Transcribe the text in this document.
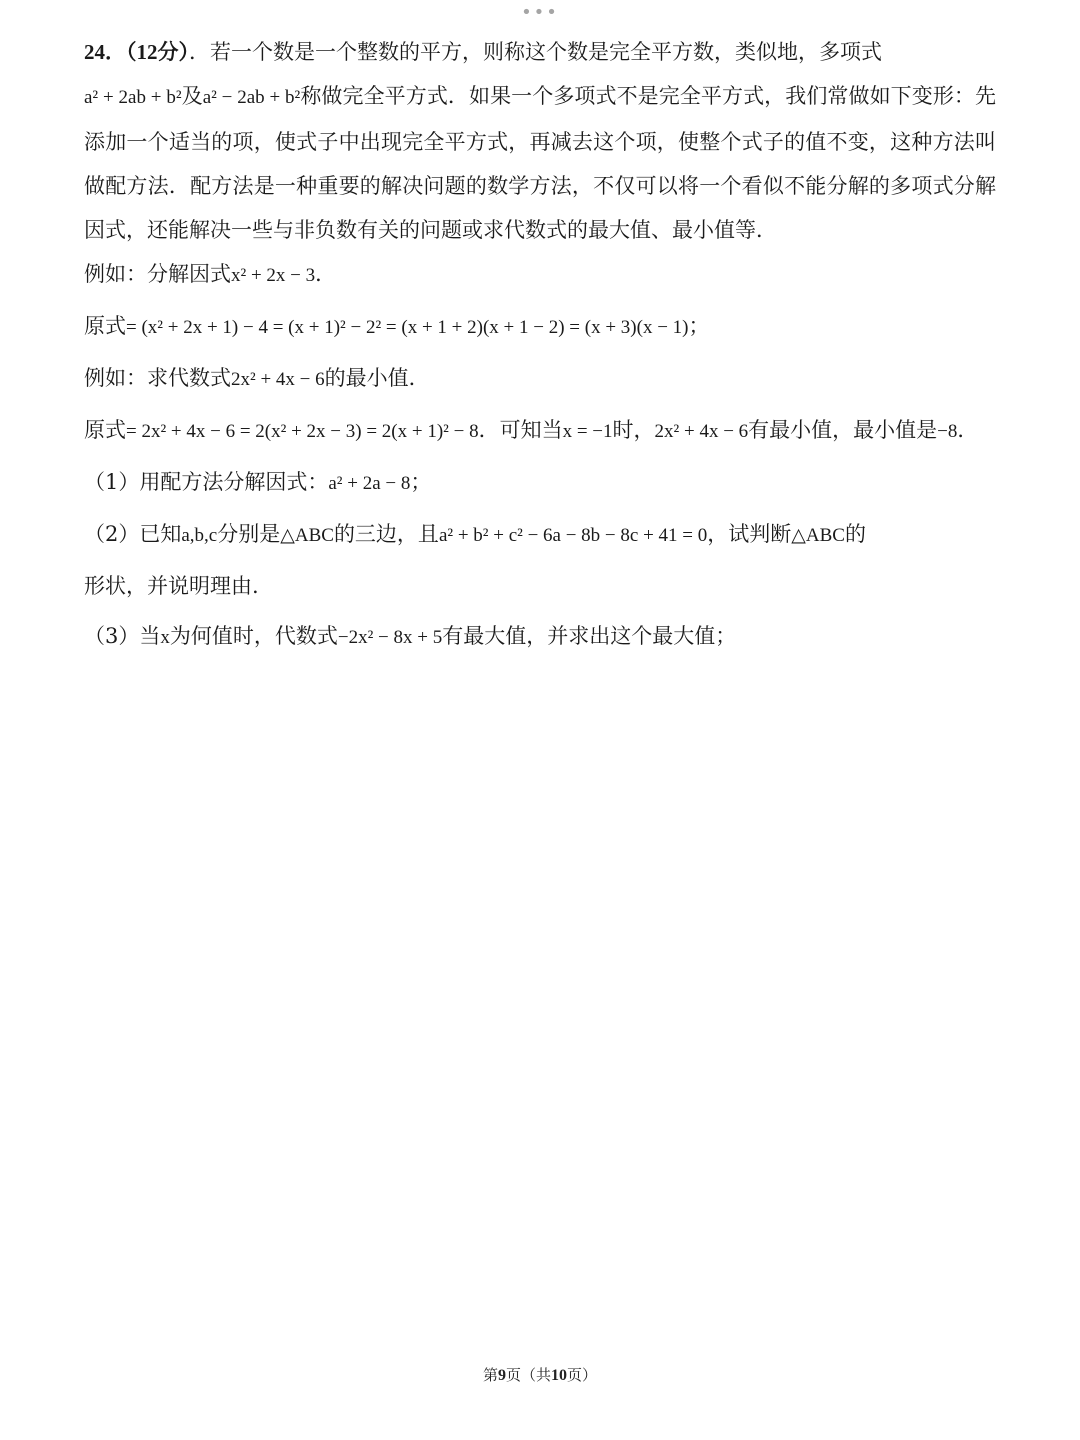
•••

24．（12分）．若一个数是一个整数的平方，则称这个数是完全平方数，类似地，多项式
a² + 2ab + b²及a² − 2ab + b²称做完全平方式．如果一个多项式不是完全平方式，我们常做如下变形：先添加一个适当的项，使式子中出现完全平方式，再减去这个项，使整个式子的值不变，这种方法叫做配方法．配方法是一种重要的解决问题的数学方法，不仅可以将一个看似不能分解的多项式分解因式，还能解决一些与非负数有关的问题或求代数式的最大值、最小值等．

例如：分解因式x² + 2x − 3．
原式= (x² + 2x + 1) − 4 = (x + 1)² − 2² = (x + 1 + 2)(x + 1 − 2) = (x + 3)(x − 1)；
例如：求代数式2x² + 4x − 6的最小值．
原式= 2x² + 4x − 6 = 2(x² + 2x − 3) = 2(x + 1)² − 8．可知当x = −1时，2x² + 4x − 6有最小值，最小值是−8．
（1）用配方法分解因式：a² + 2a − 8；
（2）已知a,b,c分别是△ABC的三边，且a² + b² + c² − 6a − 8b − 8c + 41 = 0，试判断△ABC的
形状，并说明理由.
（3）当x为何值时，代数式−2x² − 8x + 5有最大值，并求出这个最大值；
第9页（共10页）
